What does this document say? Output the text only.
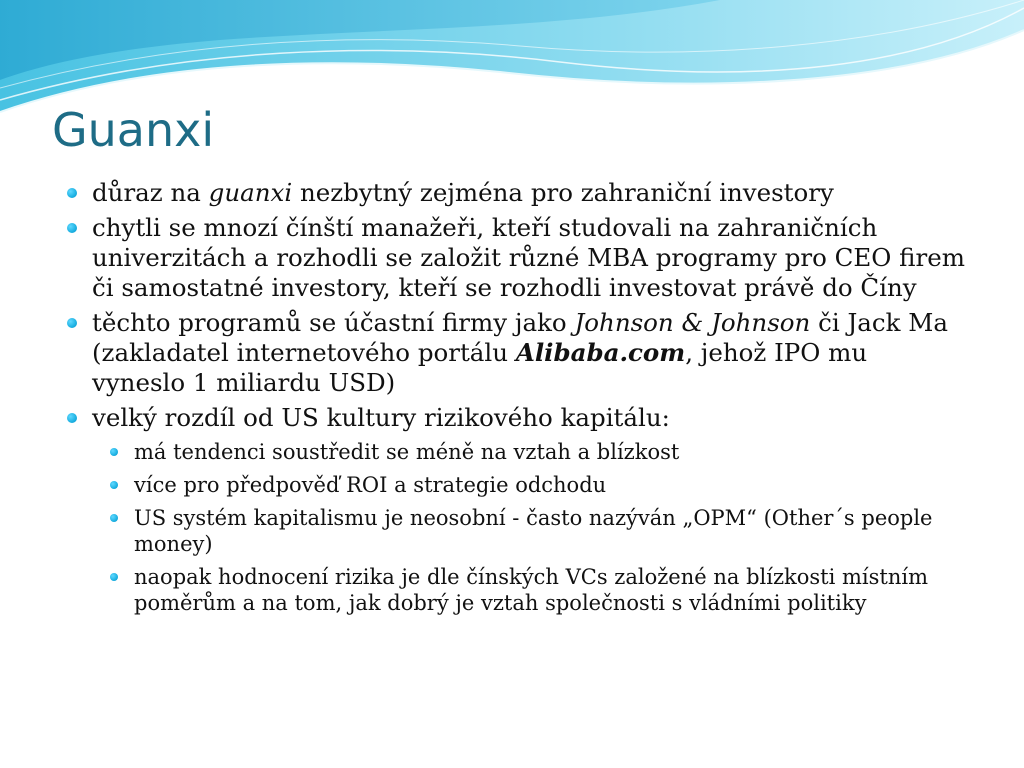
Guanxi
důraz na guanxi nezbytný zejména pro zahraniční investory
chytli se mnozí čínští manažeři, kteří studovali na zahraničních univerzitách a rozhodli se založit různé MBA programy pro CEO firem či samostatné investory, kteří se rozhodli investovat právě do Číny
těchto programů se účastní firmy jako Johnson & Johnson či Jack Ma (zakladatel internetového portálu Alibaba.com, jehož IPO mu vyneslo 1 miliardu USD)
velký rozdíl od US kultury rizikového kapitálu:
má tendenci soustředit se méně na vztah a blízkost
více pro předpověď ROI a strategie odchodu
US systém kapitalismu je neosobní - často nazýván „OPM“ (Other´s people money)
naopak hodnocení rizika je dle čínských VCs založené na blízkosti místním poměrům a na tom, jak dobrý je vztah společnosti s vládními politiky
